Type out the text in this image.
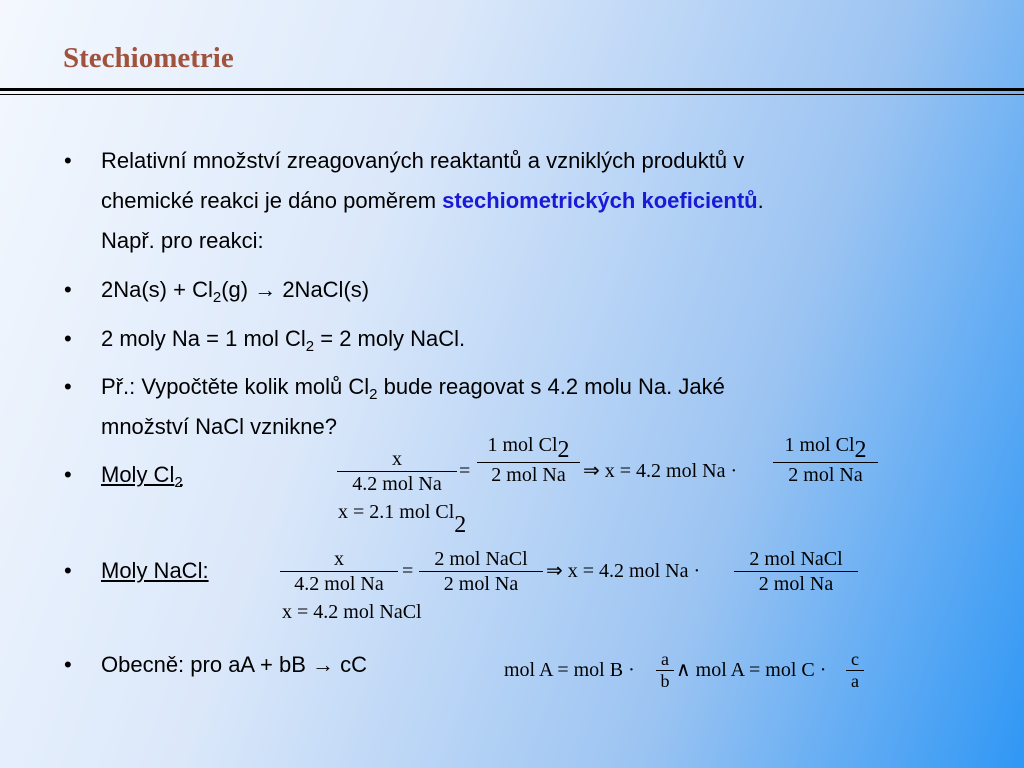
Stechiometrie
• Relativní množství zreagovaných reaktantů a vzniklých produktů v
chemické reakci je dáno poměrem stechiometrických koeficientů.
Např. pro reakci:
• $2Na(s) + Cl_2(g)$ → 2NaCl(s)
• 2 moly Na = 1 mol $Cl_2 = 2$ moly NaCl.
• Př.: Vypočtěte kolik molů $Cl_2$ bude reagovat s 4.2 molu Na. Jaké
množství NaCl vznikne?
• Moly $Cl_2$
x
4.2 mol Na
=
1 mol Cl2
2 mol Na ⇒ x = 4.2 mol Na ·
1 mol Cl2
2 mol Na
x = 2.1 mol Cl2
• Moly NaCl:	x
4.2 mol Na
=
2 mol NaCl
2 mol Na
⇒ x = 4.2 mol Na ·
2 mol NaCl
2 mol Na
x = 4.2 mol NaCl
• Obecně: pro aA + bB → cC	mol A = mol $B \cdot \frac{a}{b}$ ∧ mol A = mol $C \cdot \frac{c}{a}$
